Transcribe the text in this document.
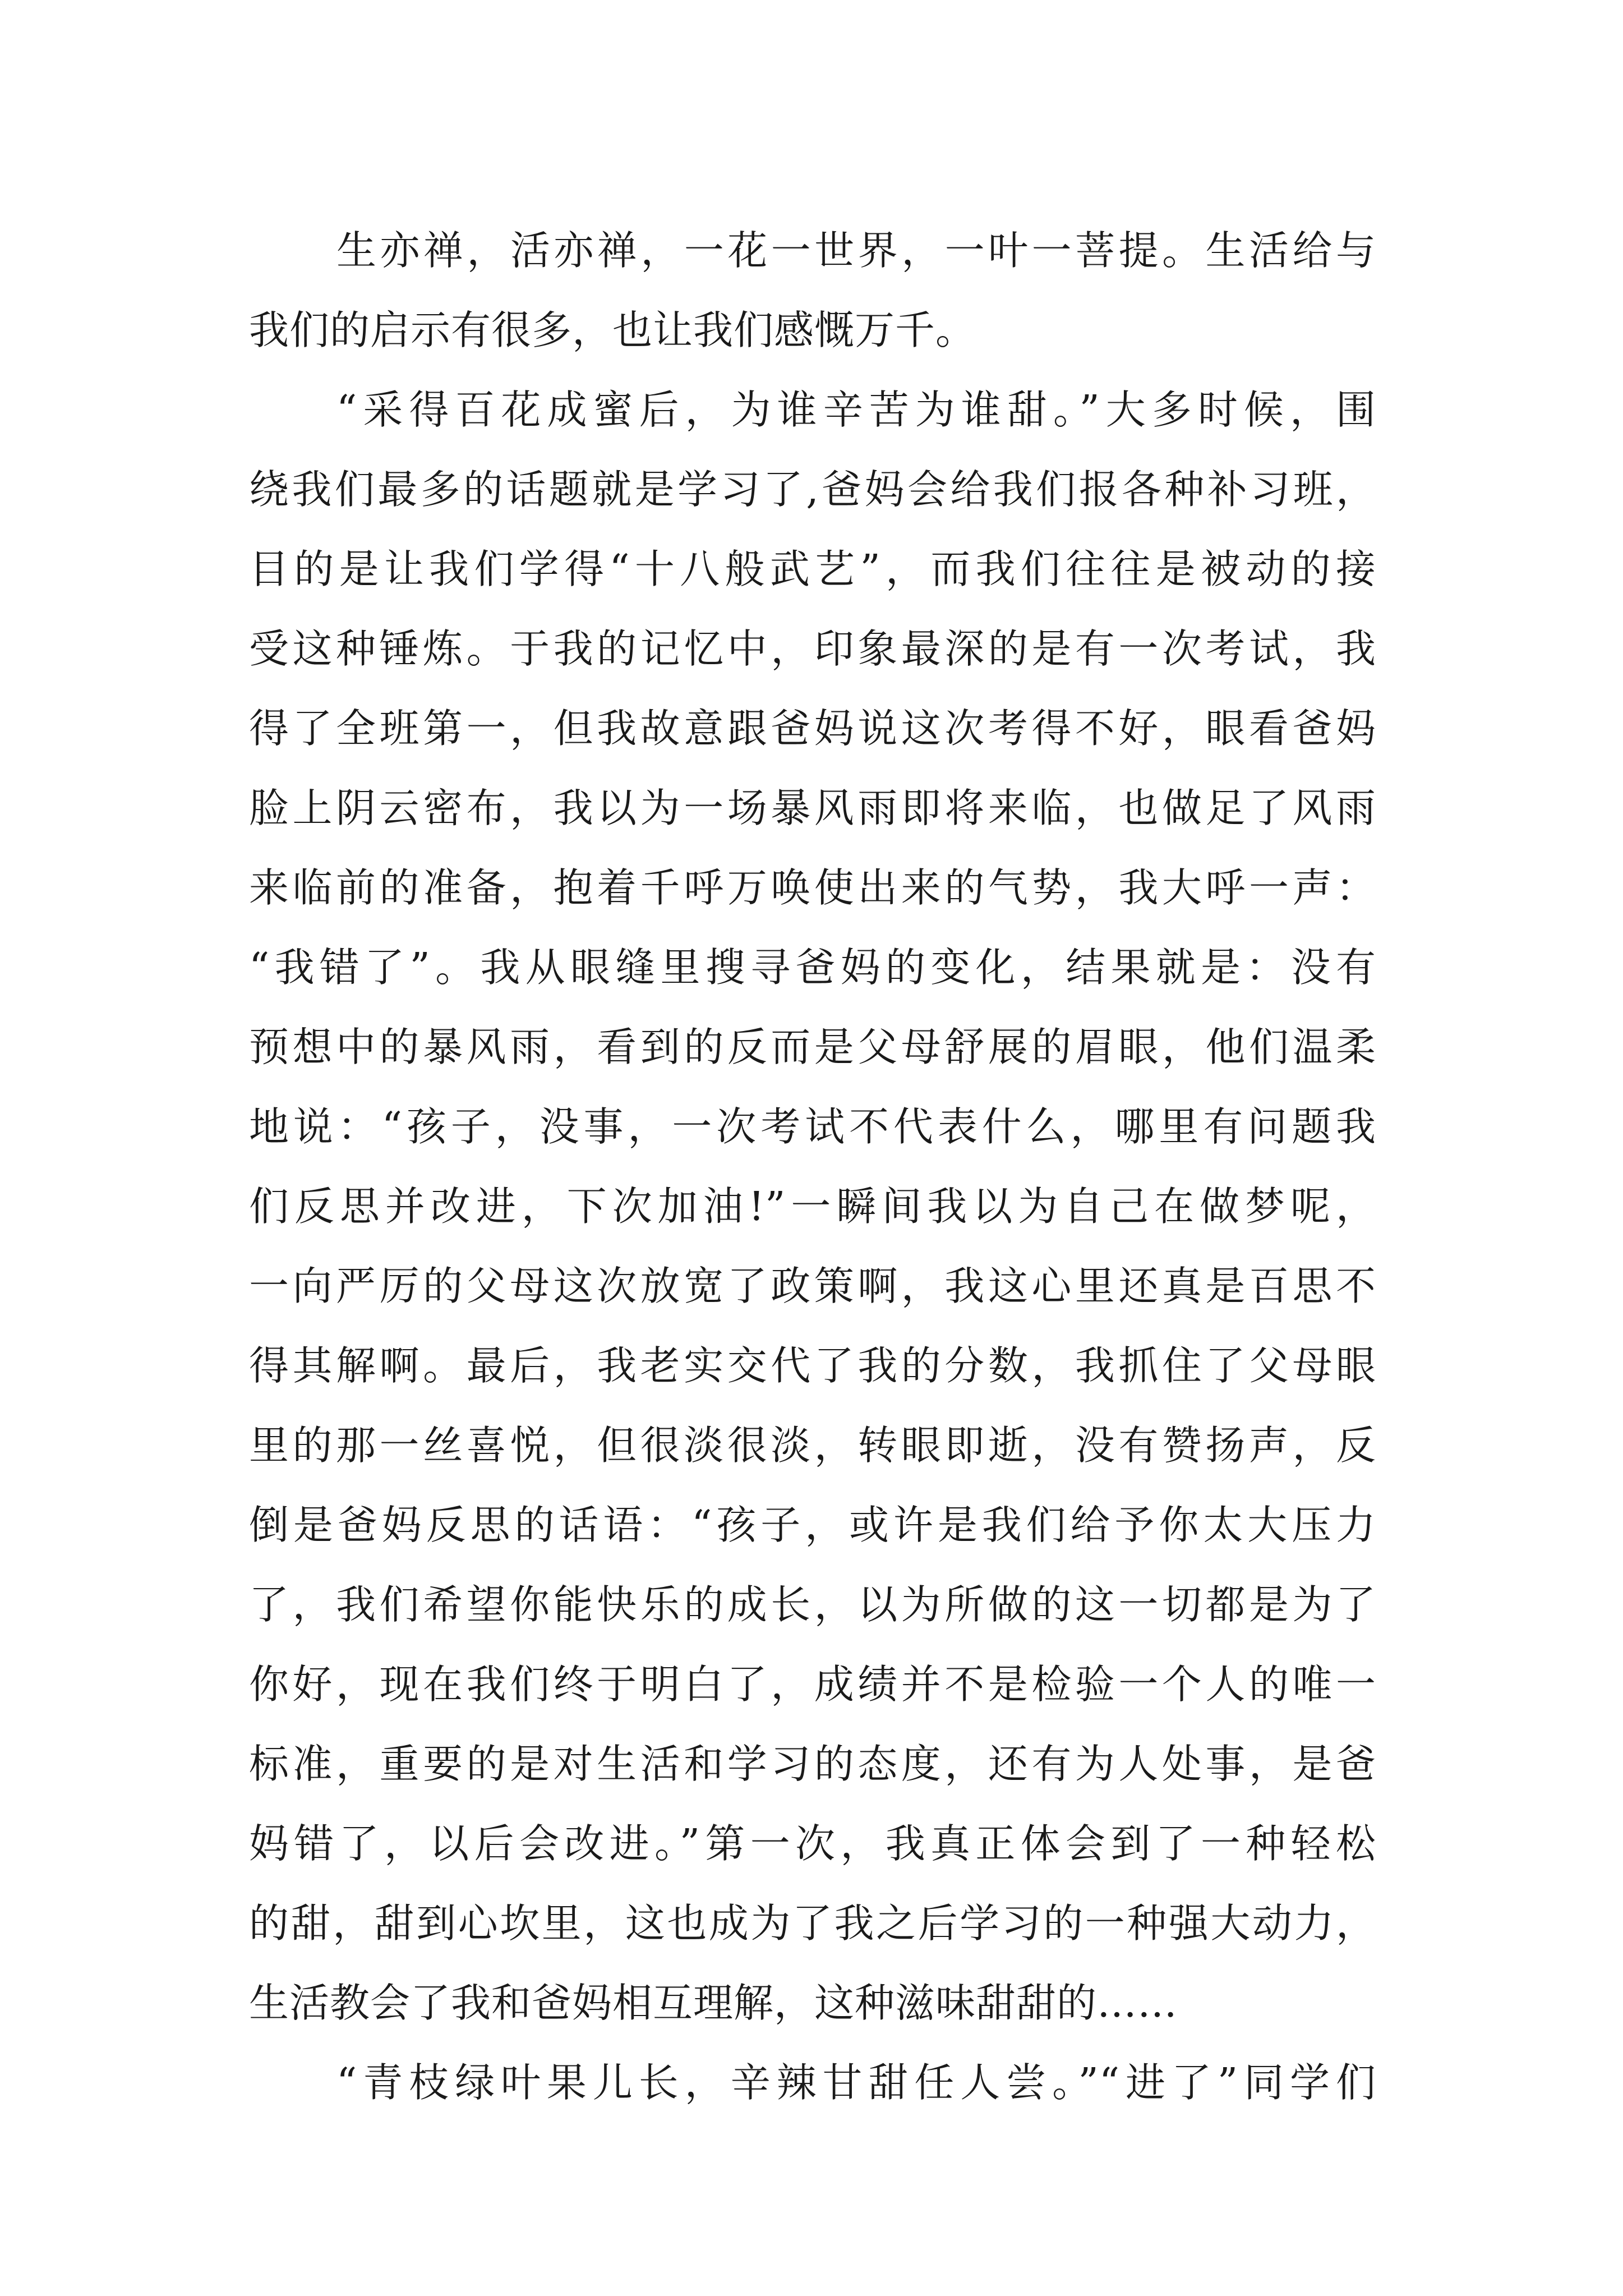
生亦禅，活亦禅，一花一世界，一叶一菩提。生活给与
我们的启示有很多，也让我们感慨万千。
“采得百花成蜜后，为谁辛苦为谁甜。”大多时候，围
绕我们最多的话题就是学习了,爸妈会给我们报各种补习班，
目的是让我们学得“十八般武艺”，而我们往往是被动的接
受这种锤炼。于我的记忆中，印象最深的是有一次考试，我
得了全班第一，但我故意跟爸妈说这次考得不好，眼看爸妈
脸上阴云密布，我以为一场暴风雨即将来临，也做足了风雨
来临前的准备，抱着千呼万唤使出来的气势，我大呼一声：
“我错了”。我从眼缝里搜寻爸妈的变化，结果就是：没有
预想中的暴风雨，看到的反而是父母舒展的眉眼，他们温柔
地说：“孩子，没事，一次考试不代表什么，哪里有问题我
们反思并改进，下次加油!”一瞬间我以为自己在做梦呢，
一向严厉的父母这次放宽了政策啊，我这心里还真是百思不
得其解啊。最后，我老实交代了我的分数，我抓住了父母眼
里的那一丝喜悦，但很淡很淡，转眼即逝，没有赞扬声，反
倒是爸妈反思的话语：“孩子，或许是我们给予你太大压力
了，我们希望你能快乐的成长，以为所做的这一切都是为了
你好，现在我们终于明白了，成绩并不是检验一个人的唯一
标准，重要的是对生活和学习的态度，还有为人处事，是爸
妈错了，以后会改进。”第一次，我真正体会到了一种轻松
的甜，甜到心坎里，这也成为了我之后学习的一种强大动力，
生活教会了我和爸妈相互理解，这种滋味甜甜的……
“青枝绿叶果儿长，辛辣甘甜任人尝。”“进了”同学们
